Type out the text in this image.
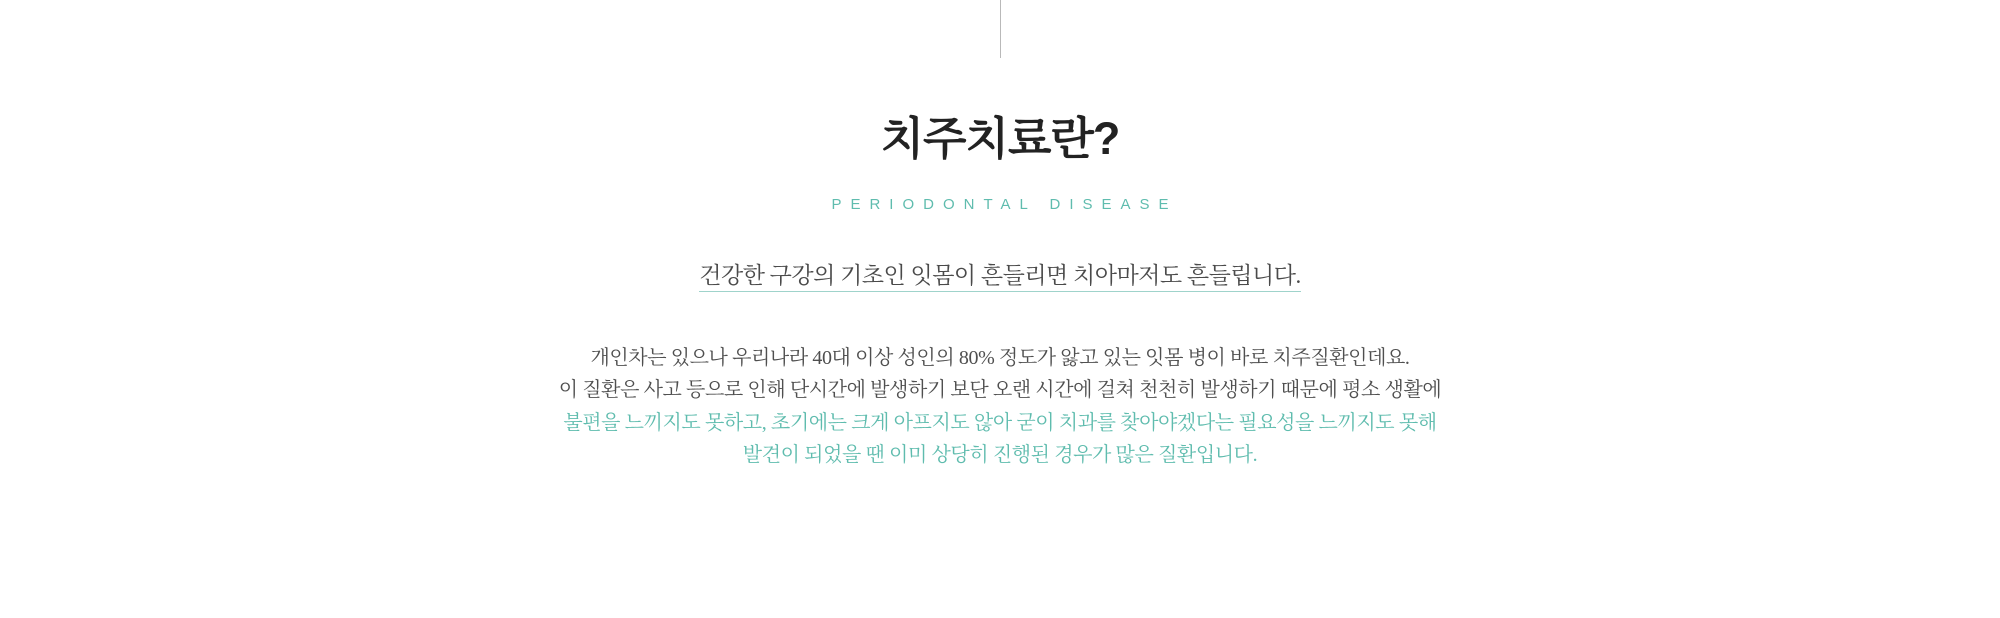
치주치료란?
PERIODONTAL DISEASE
건강한 구강의 기초인 잇몸이 흔들리면 치아마저도 흔들립니다.
개인차는 있으나 우리나라 40대 이상 성인의 80% 정도가 앓고 있는 잇몸 병이 바로 치주질환인데요.
이 질환은 사고 등으로 인해 단시간에 발생하기 보단 오랜 시간에 걸쳐 천천히 발생하기 때문에 평소 생활에
불편을 느끼지도 못하고, 초기에는 크게 아프지도 않아 굳이 치과를 찾아야겠다는 필요성을 느끼지도 못해
발견이 되었을 땐 이미 상당히 진행된 경우가 많은 질환입니다.
